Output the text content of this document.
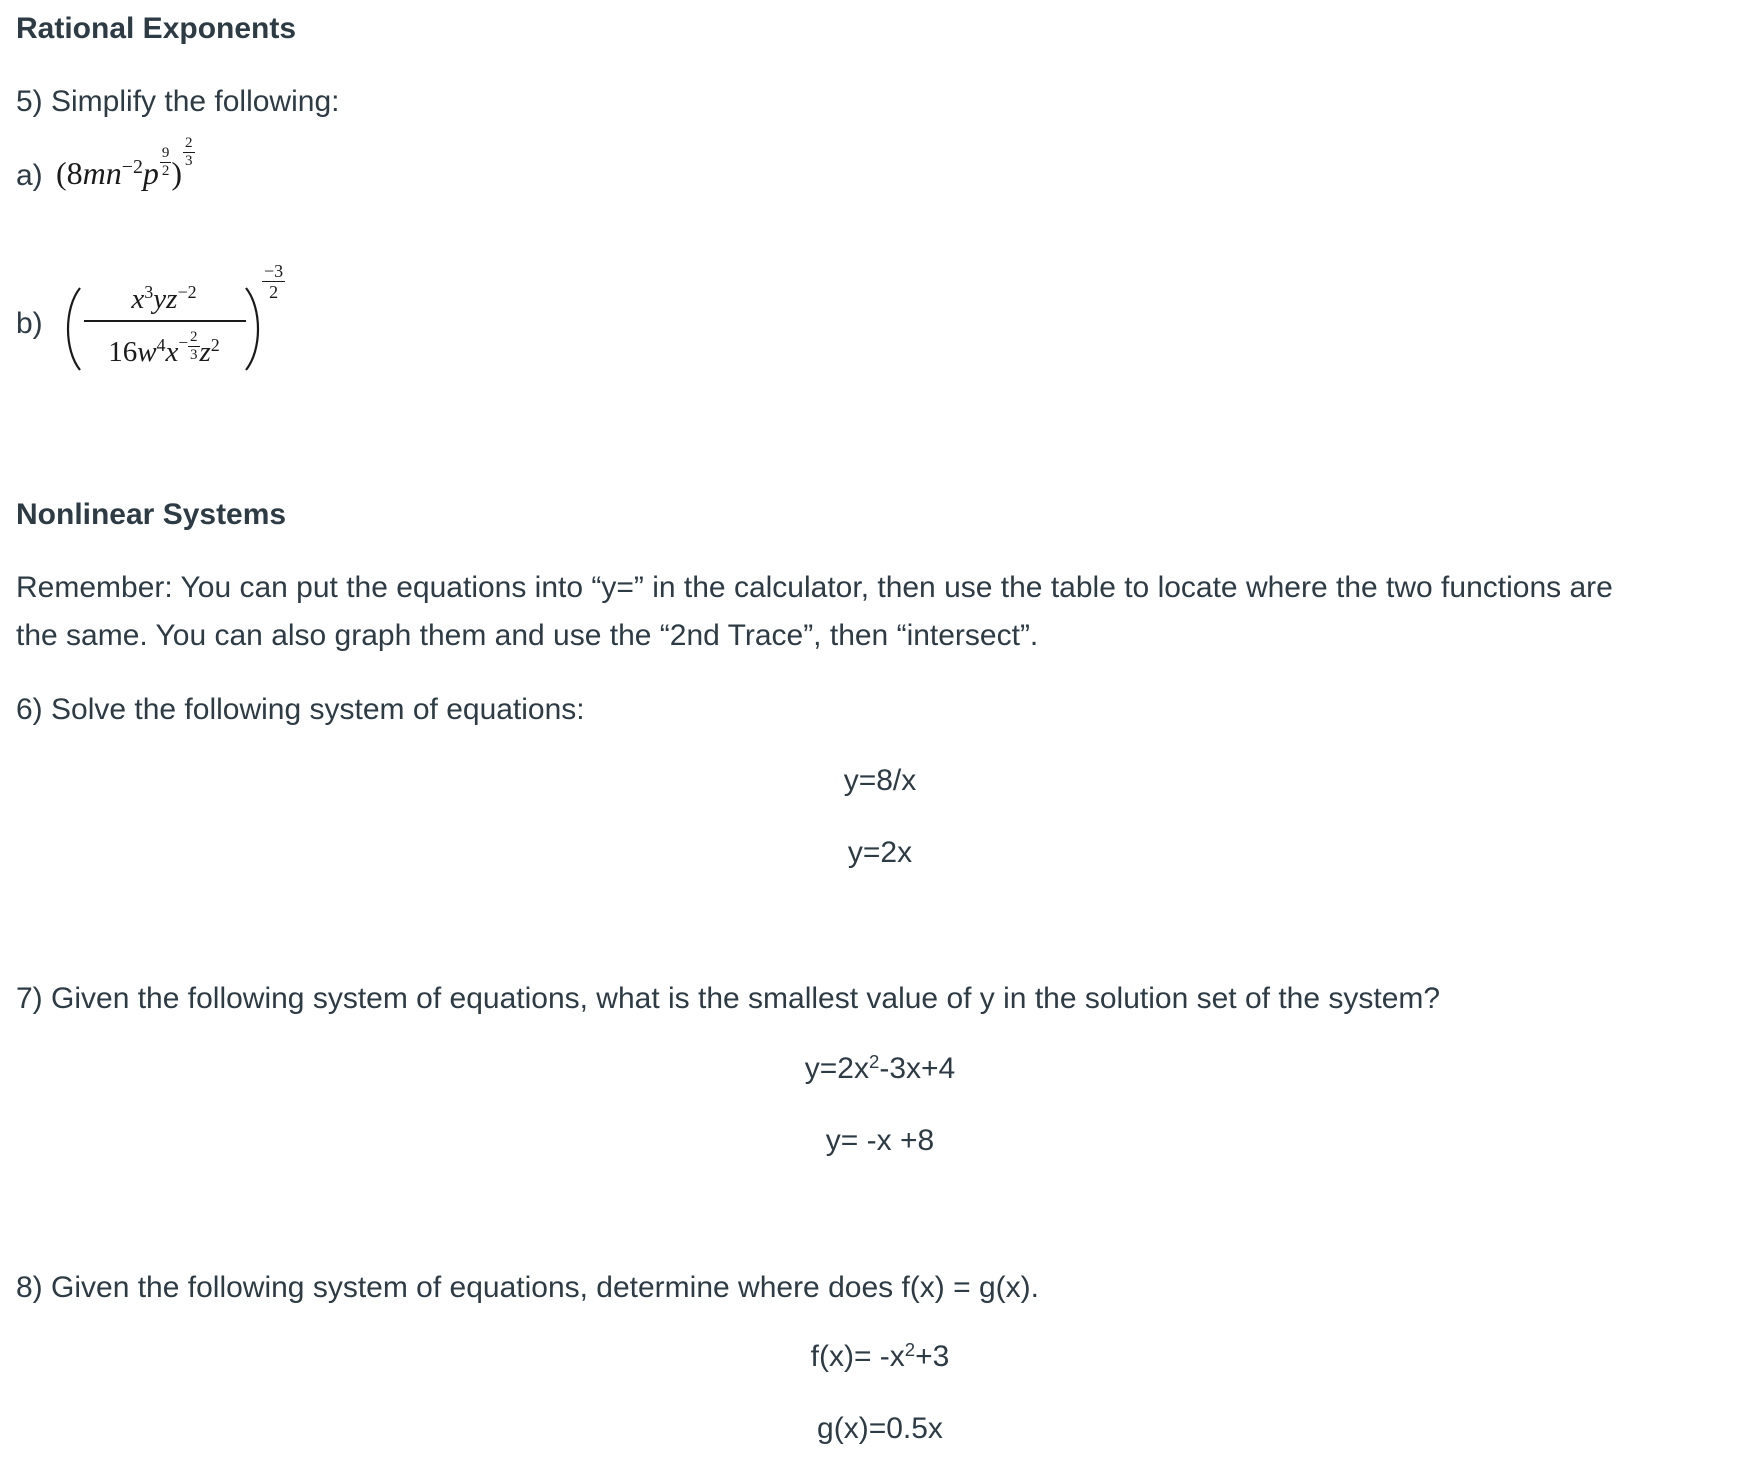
Rational Exponents
5) Simplify the following:
a) ($8mn^{-2}p \frac{9}{2}$ )
$\frac{2}{3}$
b)
$x^3yz^{-2}$
$16w^4x^- \frac{2}{3} z^2$
$\frac{-3}{2}$
Nonlinear Systems
Remember: You can put the equations into “y=” in the calculator, then use the table to locate where the two functions are
the same. You can also graph them and use the “2nd Trace”, then “intersect”.
6) Solve the following system of equations:
y=8/x
y=2x
7) Given the following system of equations, what is the smallest value of y in the solution set of the system?
$y=2x^2-3x+4$
y= -x +8
8) Given the following system of equations, determine where does f(x) = g(x).
$f(x)= -x^2+3$
g(x)=0.5x
